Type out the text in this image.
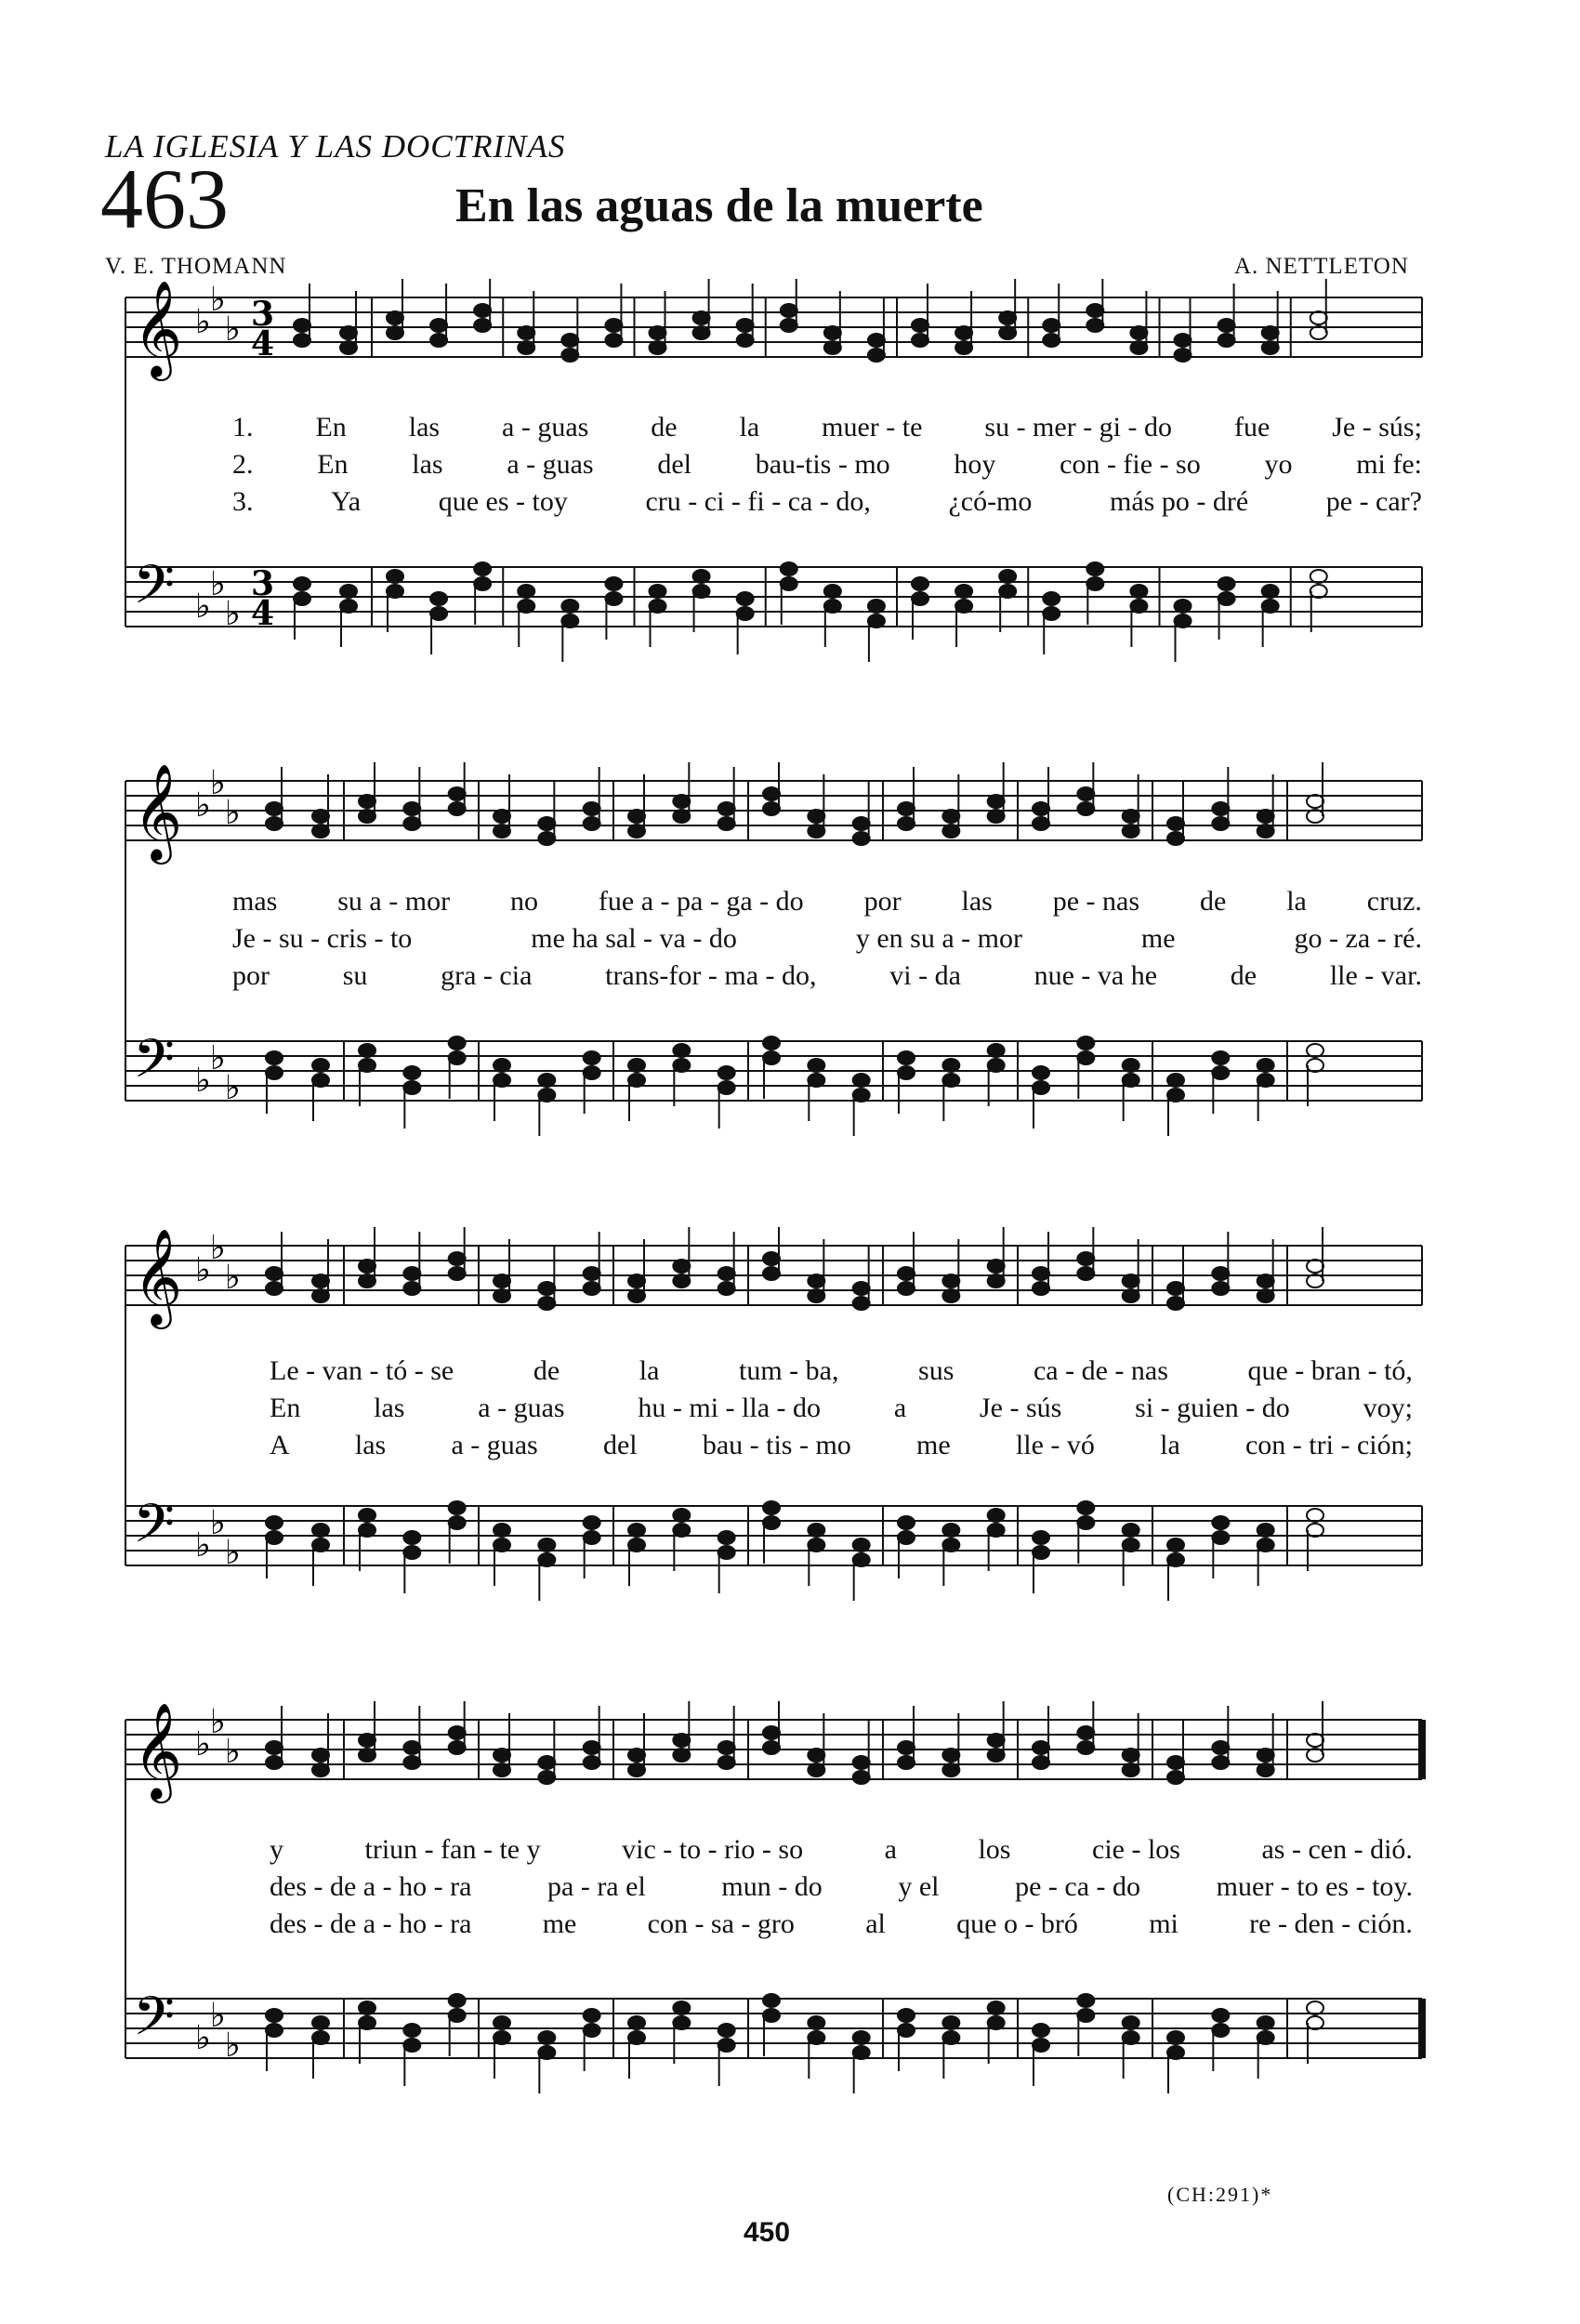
LA IGLESIA Y LAS DOCTRINAS
463	En las aguas de la muerte
V. E. THOMANN	A. NETTLETON
𝄞
𝄢
♭
♭
♭
♭
♭
♭
3
3
4
4
1. En las a - guas de la muer - te su - mer - gi - do fue Je - sús;
2. En las a - guas del bau-tis - mo hoy con - fie - so yo mi fe:
3.	Ya	que es - toy	cru - ci - fi - ca - do,	¿có-mo	más po - dré	pe - car?
𝄞
𝄢
♭
♭
♭
♭
♭
♭
mas su a - mor no fue a - pa - ga - do por las pe - nas de la cruz.
Je - su - cris - to	me ha sal - va - do	y en su a - mor	me	go - za - ré.
por	su	gra - cia	trans-for - ma - do,	vi - da	nue - va he	de	lle - var.
𝄞
𝄢
♭
♭
♭
♭
♭
♭
Le - van - tó - se	de	la	tum - ba,	sus	ca - de - nas	que - bran - tó,
En	las	a - guas	hu - mi - lla - do	a	Je - sús	si - guien - do	voy;
A las a - guas del bau - tis - mo me lle - vó la con - tri - ción;
𝄞
𝄢
♭
♭
♭
♭
♭
♭
y	triun - fan - te y	vic - to - rio - so	a	los	cie - los	as - cen - dió.
des - de a - ho - ra	pa - ra el	mun - do	y el	pe - ca - do	muer - to es - toy.
des - de a - ho - ra	me	con - sa - gro	al	que o - bró	mi	re - den - ción.
(CH:291)*
450
